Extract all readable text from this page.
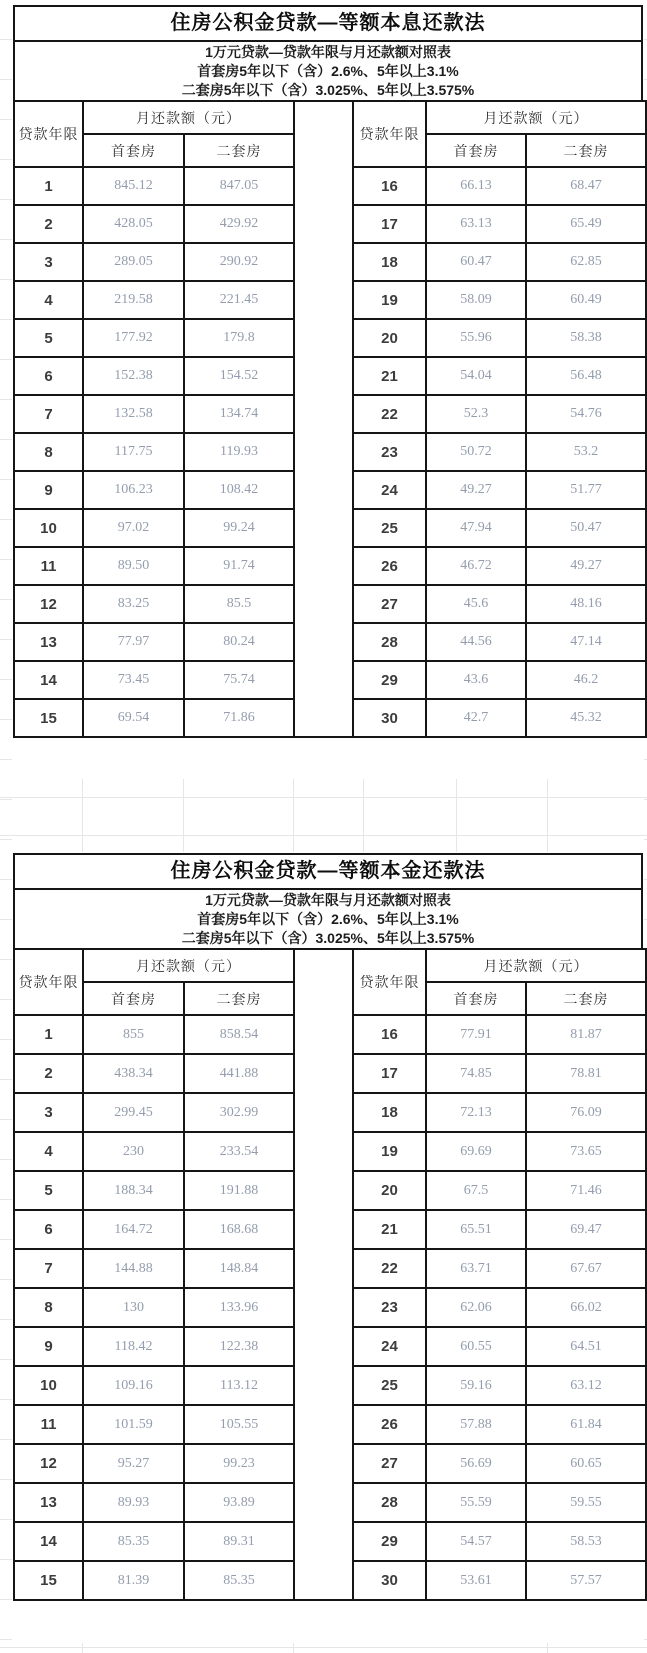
住房公积金贷款—等额本息还款法
1万元贷款—贷款年限与月还款额对照表
首套房5年以下（含）2.6%、5年以上3.1%
二套房5年以下（含）3.025%、5年以上3.575%
贷款年限	月还款额（元）	
	首套房	二套房
1	845.12	847.05
2	428.05	429.92
3	289.05	290.92
4	219.58	221.45
5	177.92	179.8
6	152.38	154.52
7	132.58	134.74
8	117.75	119.93
9	106.23	108.42
10	97.02	99.24
11	89.50	91.74
12	83.25	85.5
13	77.97	80.24
14	73.45	75.74
15	69.54	71.86
贷款年限	月还款额（元）	
	首套房	二套房
16	66.13	68.47
17	63.13	65.49
18	60.47	62.85
19	58.09	60.49
20	55.96	58.38
21	54.04	56.48
22	52.3	54.76
23	50.72	53.2
24	49.27	51.77
25	47.94	50.47
26	46.72	49.27
27	45.6	48.16
28	44.56	47.14
29	43.6	46.2
30	42.7	45.32
住房公积金贷款—等额本金还款法
1万元贷款—贷款年限与月还款额对照表
首套房5年以下（含）2.6%、5年以上3.1%
二套房5年以下（含）3.025%、5年以上3.575%
贷款年限	月还款额（元）	
	首套房	二套房
1	855	858.54
2	438.34	441.88
3	299.45	302.99
4	230	233.54
5	188.34	191.88
6	164.72	168.68
7	144.88	148.84
8	130	133.96
9	118.42	122.38
10	109.16	113.12
11	101.59	105.55
12	95.27	99.23
13	89.93	93.89
14	85.35	89.31
15	81.39	85.35
贷款年限	月还款额（元）	
	首套房	二套房
16	77.91	81.87
17	74.85	78.81
18	72.13	76.09
19	69.69	73.65
20	67.5	71.46
21	65.51	69.47
22	63.71	67.67
23	62.06	66.02
24	60.55	64.51
25	59.16	63.12
26	57.88	61.84
27	56.69	60.65
28	55.59	59.55
29	54.57	58.53
30	53.61	57.57
